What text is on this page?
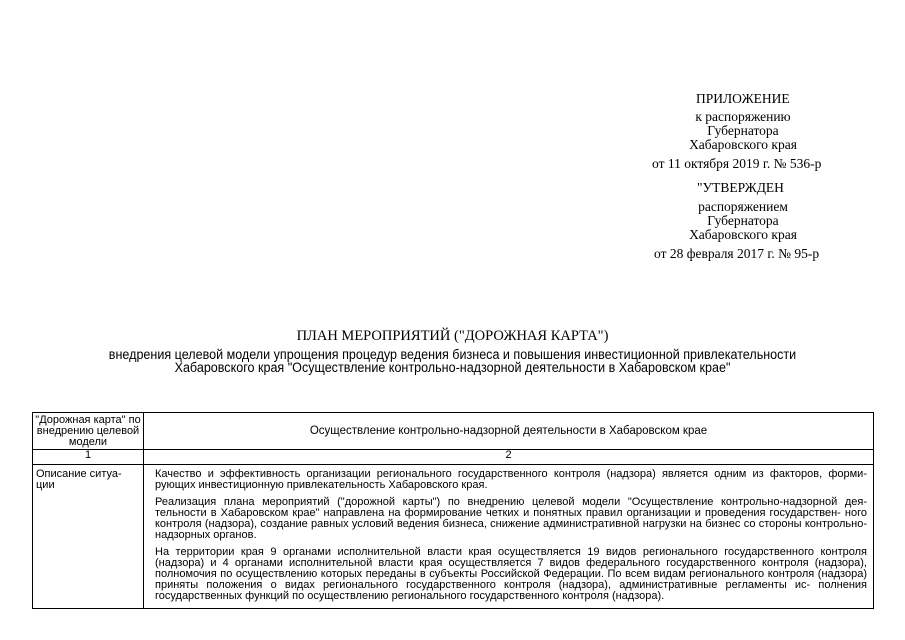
ПРИЛОЖЕНИЕ
к распоряжению
Губернатора
Хабаровского края
от 11 октября 2019 г. № 536-р
"УТВЕРЖДЕН
распоряжением
Губернатора
Хабаровского края
от 28 февраля 2017 г. № 95-р
ПЛАН МЕРОПРИЯТИЙ ("ДОРОЖНАЯ КАРТА")
внедрения целевой модели упрощения процедур ведения бизнеса и повышения инвестиционной привлекательности
Хабаровского края "Осуществление контрольно-надзорной деятельности в Хабаровском крае"
"Дорожная карта" по внедрению целевой модели	Осуществление контрольно-надзорной деятельности в Хабаровском крае
1	2
Описание ситуа- ции	Качество и эффективность организации регионального государственного контроля (надзора) является одним из факторов, форми- рующих инвестиционную привлекательность Хабаровского края.

Реализация плана мероприятий ("дорожной карты") по внедрению целевой модели "Осуществление контрольно-надзорной дея- тельности в Хабаровском крае" направлена на формирование четких и понятных правил организации и проведения государствен- ного контроля (надзора), создание равных условий ведения бизнеса, снижение административной нагрузки на бизнес со стороны контрольно-надзорных органов.

На территории края 9 органами исполнительной власти края осуществляется 19 видов регионального государственного контроля (надзора) и 4 органами исполнительной власти края осуществляется 7 видов федерального государственного контроля (надзора), полномочия по осуществлению которых переданы в субъекты Российской Федерации. По всем видам регионального контроля (надзора) приняты положения о видах регионального государственного контроля (надзора), административные регламенты ис- полнения государственных функций по осуществлению регионального государственного контроля (надзора).
